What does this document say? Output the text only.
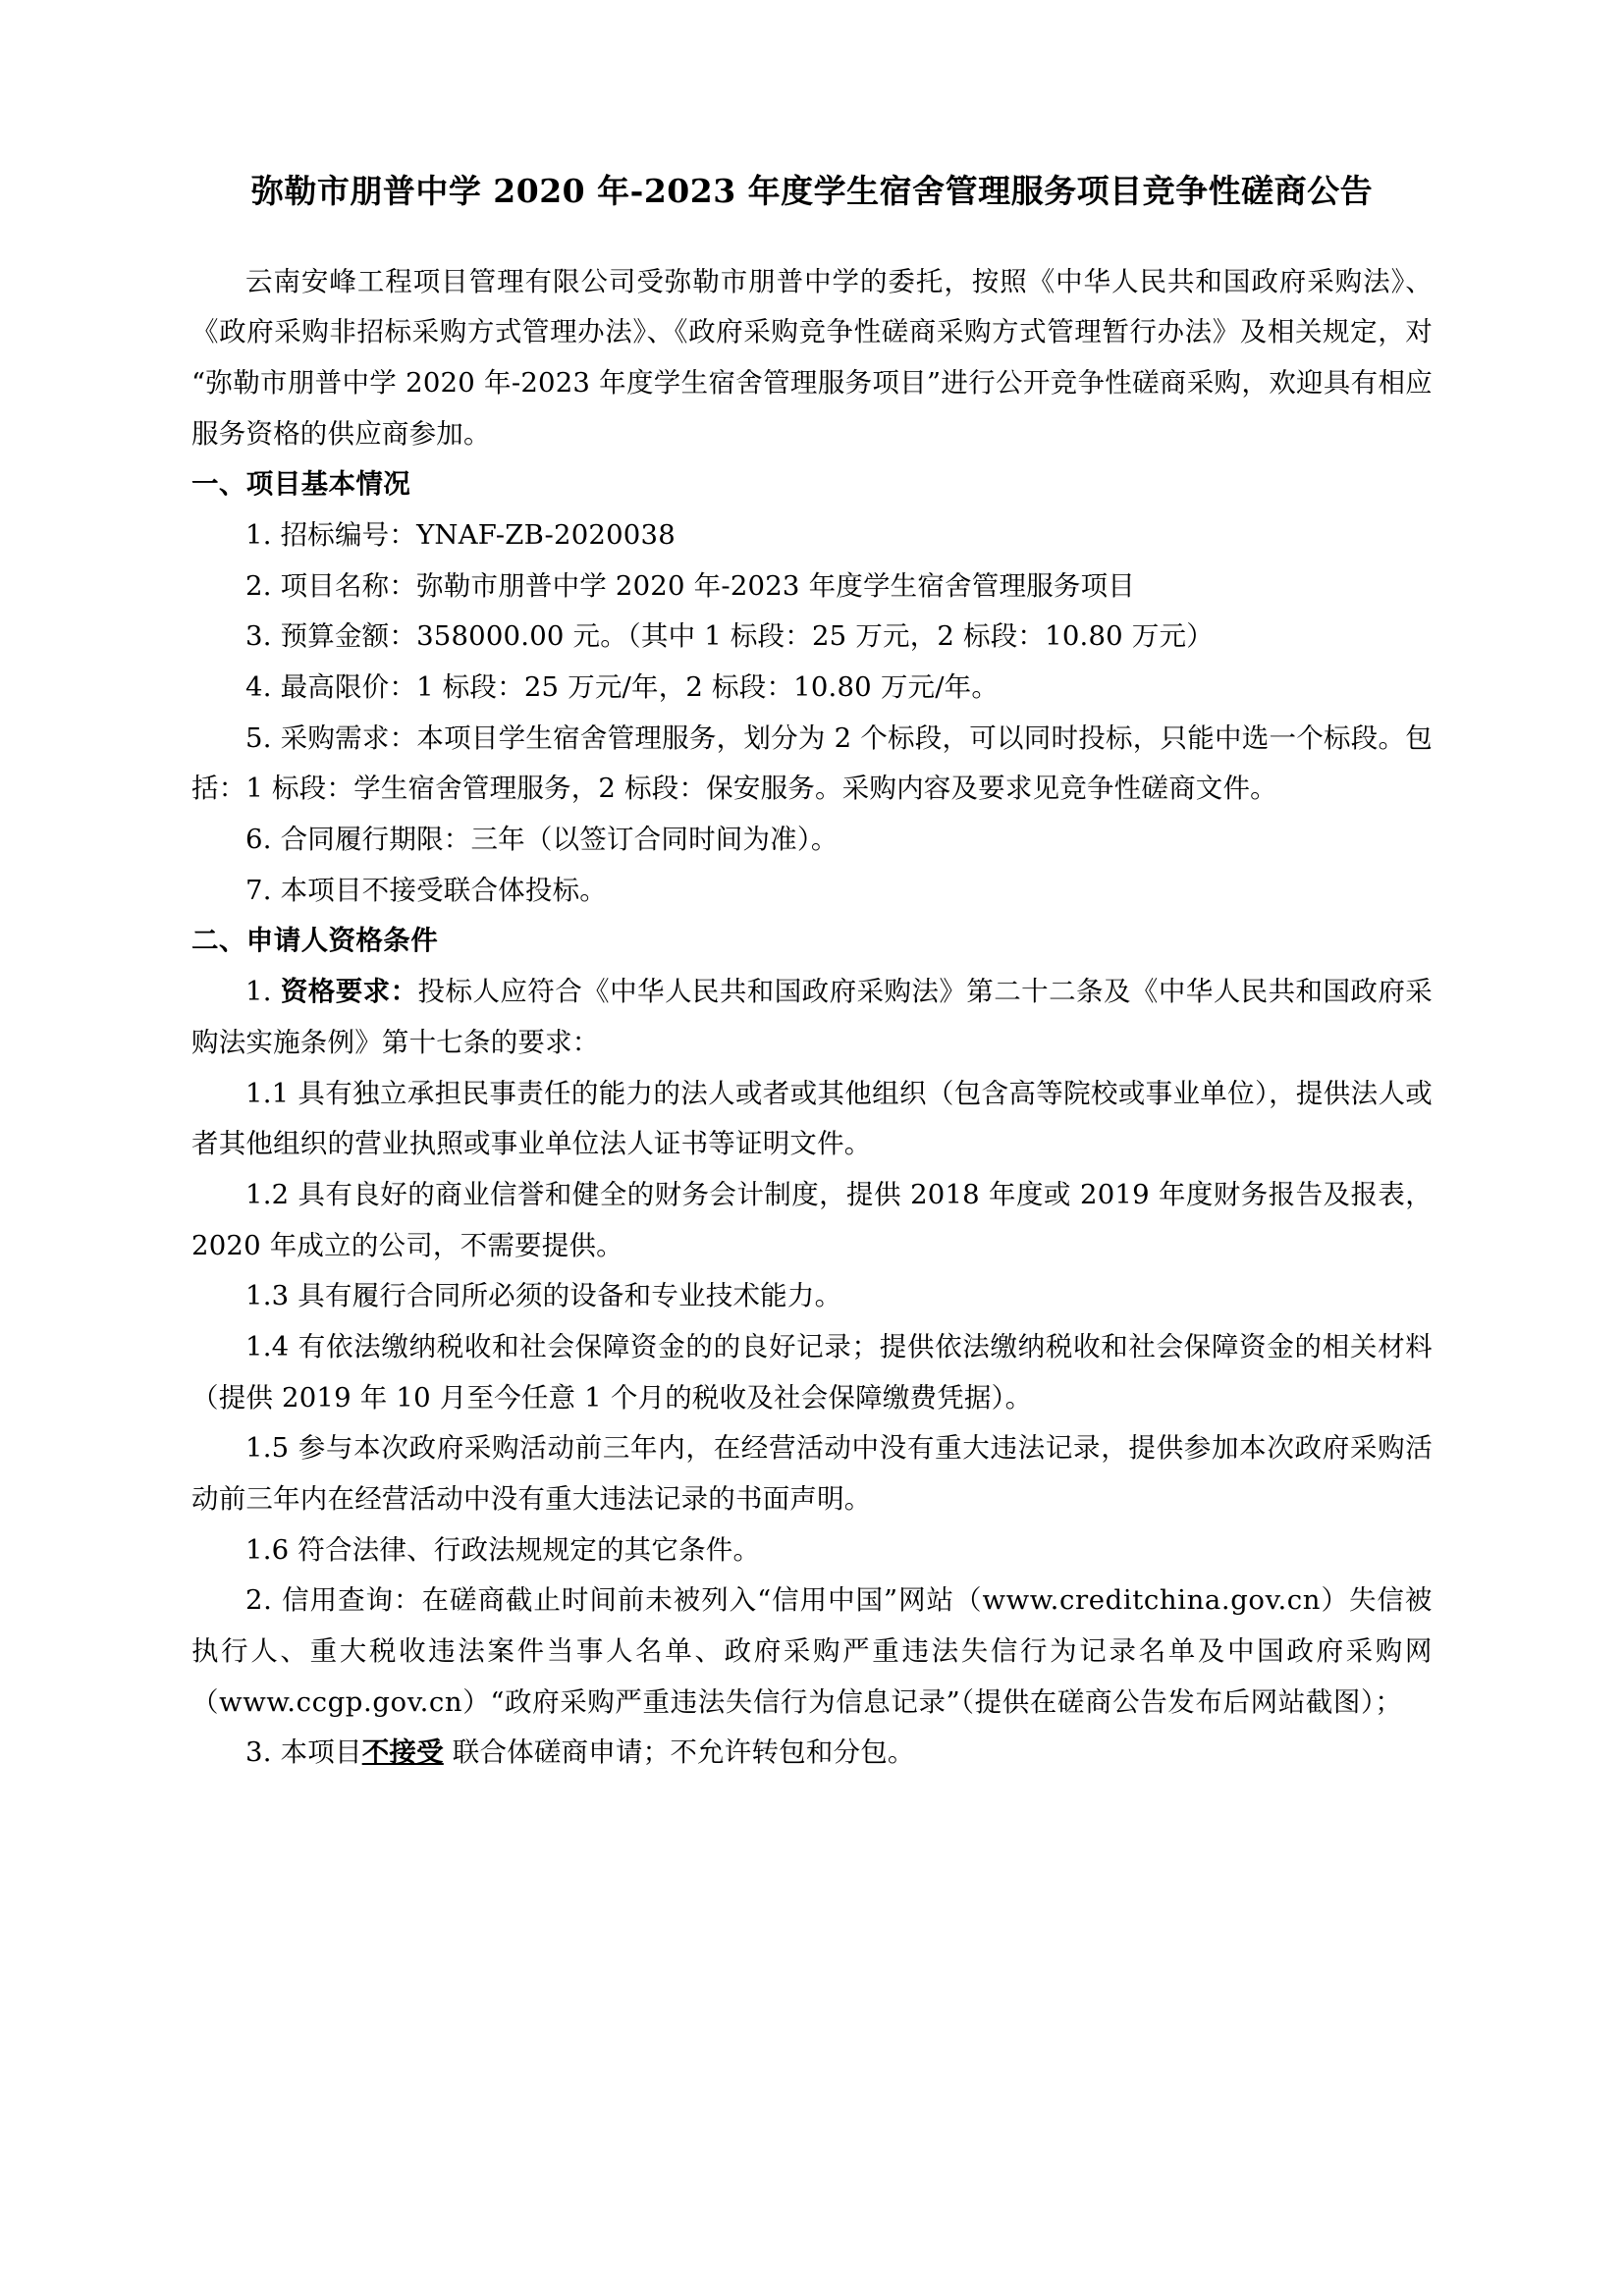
弥勒市朋普中学 2020 年-2023 年度学生宿舍管理服务项目竞争性磋商公告

云南安峰工程项目管理有限公司受弥勒市朋普中学的委托，按照《中华人民共和国政府采购法》、《政府采购非招标采购方式管理办法》、《政府采购竞争性磋商采购方式管理暂行办法》及相关规定，对“弥勒市朋普中学 2020 年-2023 年度学生宿舍管理服务项目”进行公开竞争性磋商采购，欢迎具有相应服务资格的供应商参加。

一、项目基本情况

1. 招标编号：YNAF-ZB-2020038

2. 项目名称：弥勒市朋普中学 2020 年-2023 年度学生宿舍管理服务项目

3. 预算金额：358000.00 元。（其中 1 标段：25 万元，2 标段：10.80 万元）

4. 最高限价：1 标段：25 万元/年，2 标段：10.80 万元/年。

5. 采购需求：本项目学生宿舍管理服务，划分为 2 个标段，可以同时投标，只能中选一个标段。包括：1 标段：学生宿舍管理服务，2 标段：保安服务。采购内容及要求见竞争性磋商文件。

6. 合同履行期限：三年（以签订合同时间为准）。

7. 本项目不接受联合体投标。

二、申请人资格条件

1. 资格要求：投标人应符合《中华人民共和国政府采购法》第二十二条及《中华人民共和国政府采购法实施条例》第十七条的要求：

1.1 具有独立承担民事责任的能力的法人或者或其他组织（包含高等院校或事业单位），提供法人或者其他组织的营业执照或事业单位法人证书等证明文件。

1.2 具有良好的商业信誉和健全的财务会计制度，提供 2018 年度或 2019 年度财务报告及报表，2020 年成立的公司，不需要提供。

1.3 具有履行合同所必须的设备和专业技术能力。

1.4 有依法缴纳税收和社会保障资金的的良好记录；提供依法缴纳税收和社会保障资金的相关材料（提供 2019 年 10 月至今任意 1 个月的税收及社会保障缴费凭据）。

1.5 参与本次政府采购活动前三年内，在经营活动中没有重大违法记录，提供参加本次政府采购活动前三年内在经营活动中没有重大违法记录的书面声明。

1.6 符合法律、行政法规规定的其它条件。

2. 信用查询：在磋商截止时间前未被列入“信用中国”网站（www.creditchina.gov.cn）失信被执行人、重大税收违法案件当事人名单、政府采购严重违法失信行为记录名单及中国政府采购网（www.ccgp.gov.cn）“政府采购严重违法失信行为信息记录”（提供在磋商公告发布后网站截图）；

3. 本项目不接受 联合体磋商申请；不允许转包和分包。
